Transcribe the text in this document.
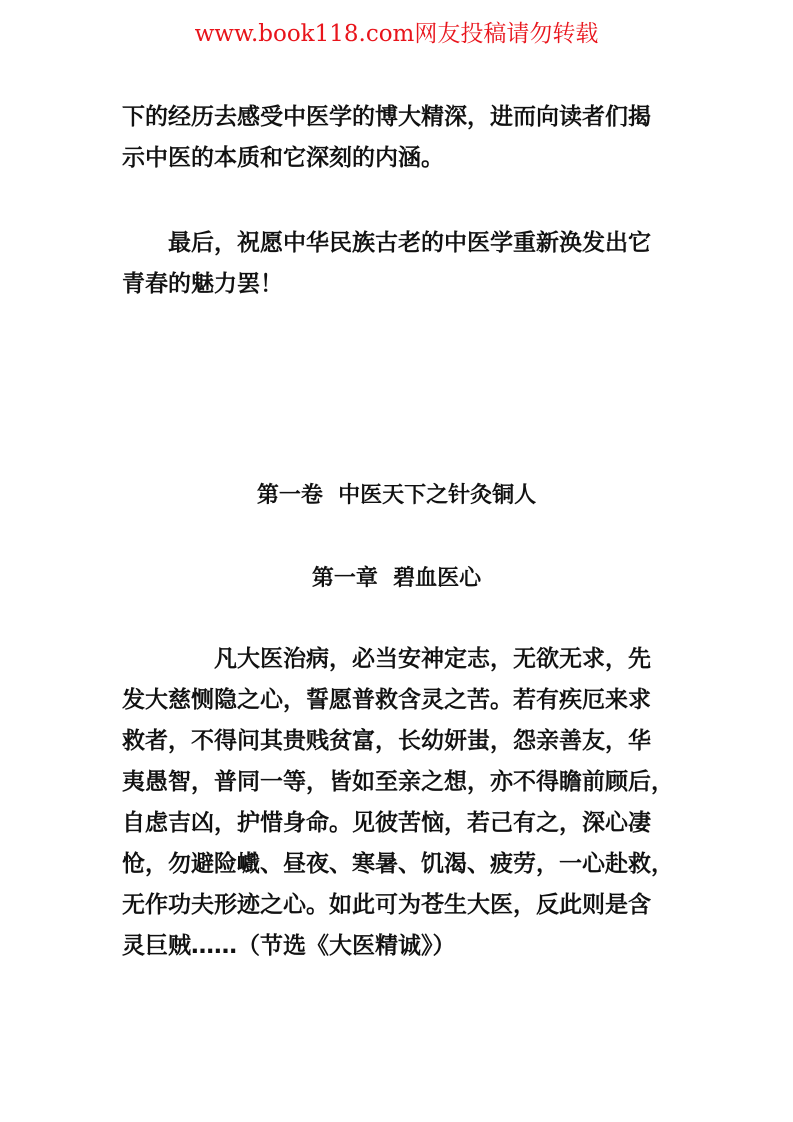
www.book118.com网友投稿请勿转载
下的经历去感受中医学的博大精深，进而向读者们揭
示中医的本质和它深刻的内涵。
　　最后，祝愿中华民族古老的中医学重新涣发出它
青春的魅力罢！
第一卷  中医天下之针灸铜人
第一章  碧血医心
　　　　凡大医治病，必当安神定志，无欲无求，先
发大慈恻隐之心，誓愿普救含灵之苦。若有疾厄来求
救者，不得问其贵贱贫富，长幼妍蚩，怨亲善友，华
夷愚智，普同一等，皆如至亲之想，亦不得瞻前顾后，
自虑吉凶，护惜身命。见彼苦恼，若己有之，深心凄
怆，勿避险巇、昼夜、寒暑、饥渴、疲劳，一心赴救，
无作功夫形迹之心。如此可为苍生大医，反此则是含
灵巨贼……（节选《大医精诚》）
